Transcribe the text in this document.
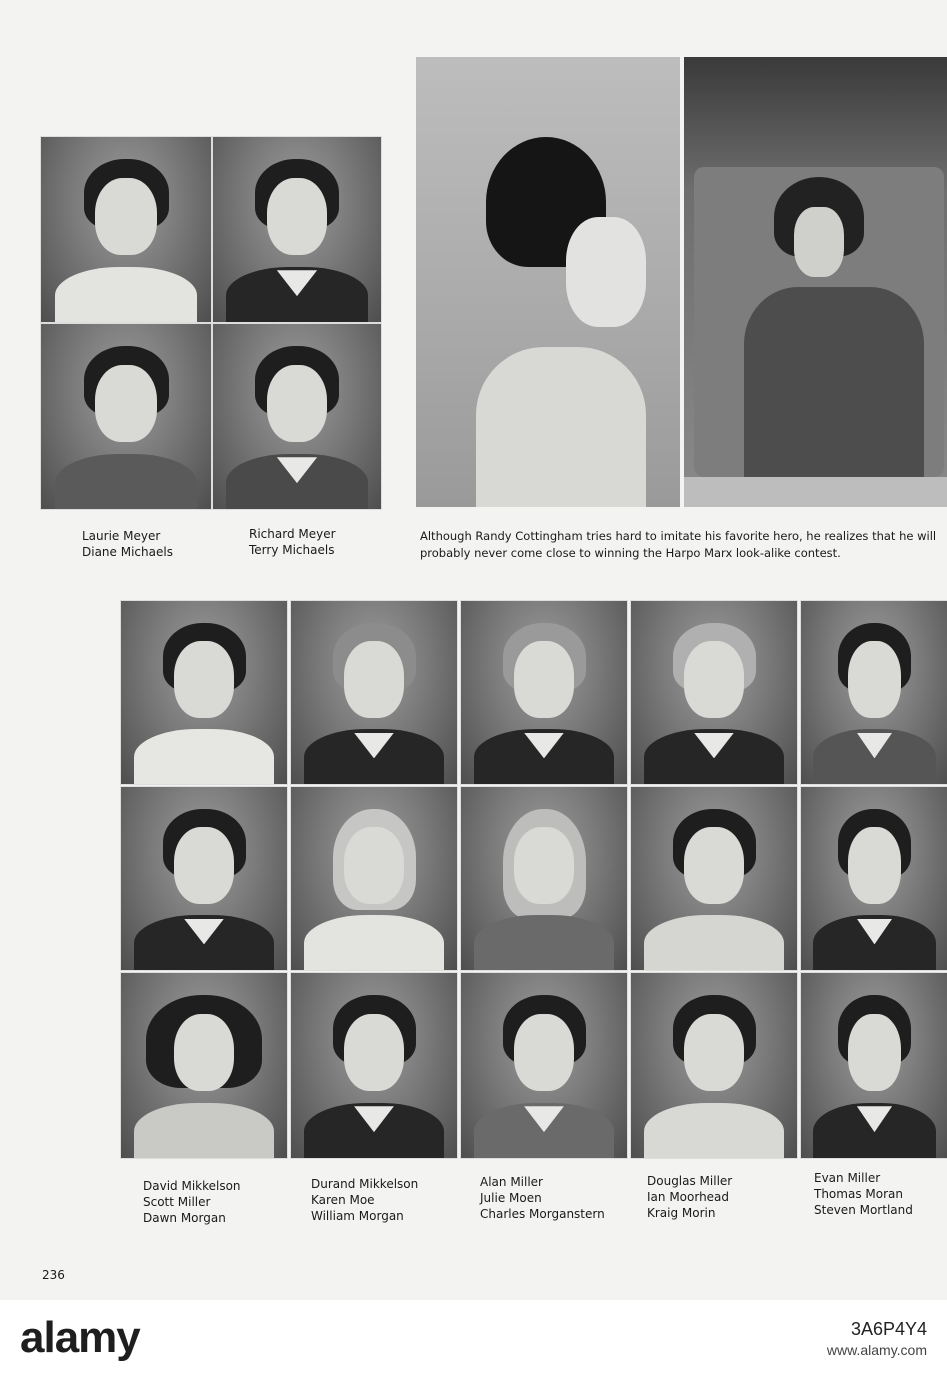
Laurie Meyer
Diane Michaels
Richard Meyer
Terry Michaels
Although Randy Cottingham tries hard to imitate his favorite hero, he realizes that he will probably never come close to winning the Harpo Marx look-alike contest.
David Mikkelson
Scott Miller
Dawn Morgan
Durand Mikkelson
Karen Moe
William Morgan
Alan Miller
Julie Moen
Charles Morganstern
Douglas Miller
Ian Moorhead
Kraig Morin
Evan Miller
Thomas Moran
Steven Mortland
236
alamy	3A6P4Y4
www.alamy.com
